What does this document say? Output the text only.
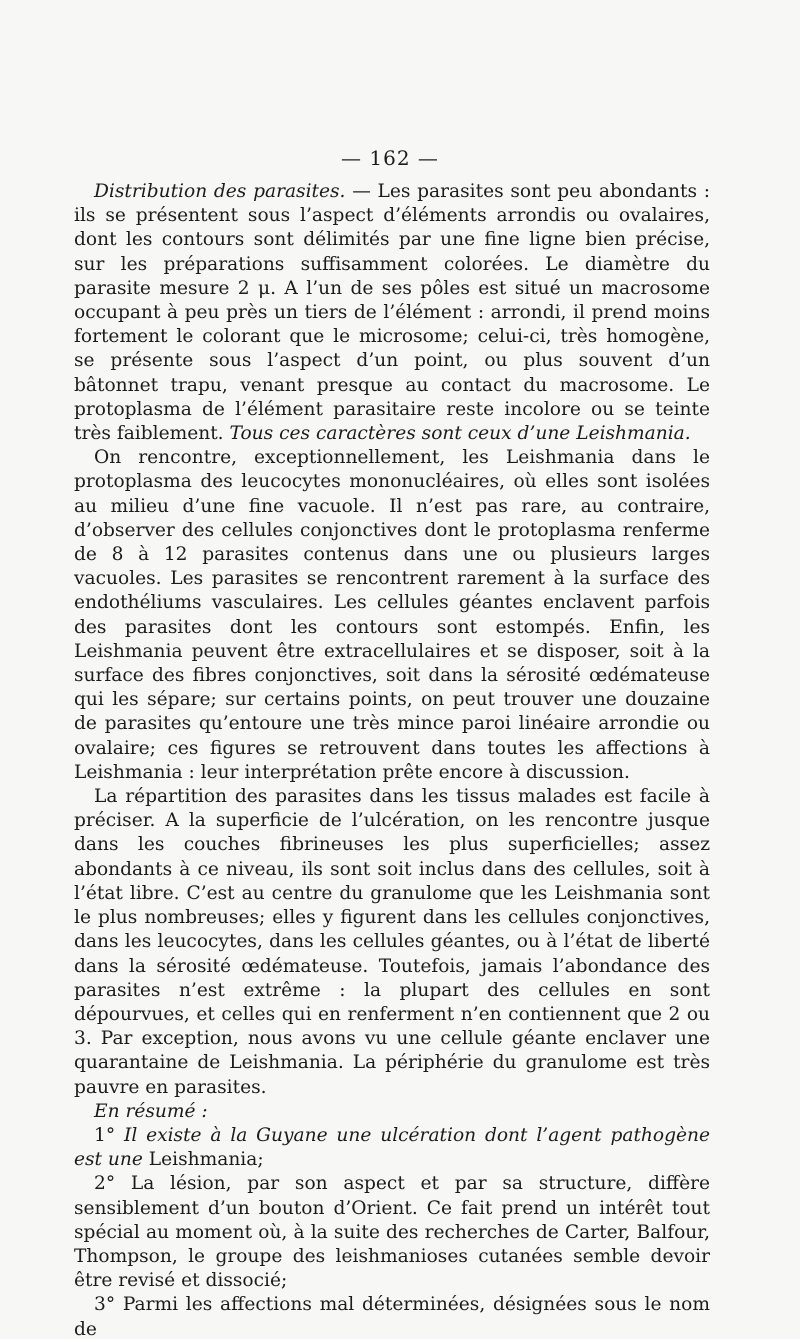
— 162 —

Distribution des parasites. — Les parasites sont peu abondants : ils se présentent sous l’aspect d’éléments arrondis ou ovalaires, dont les contours sont délimités par une fine ligne bien précise, sur les préparations suffisamment colorées. Le diamètre du parasite mesure 2 μ. A l’un de ses pôles est situé un macrosome occupant à peu près un tiers de l’élément : arrondi, il prend moins fortement le colorant que le microsome; celui-ci, très homogène, se présente sous l’aspect d’un point, ou plus souvent d’un bâtonnet trapu, venant presque au contact du macrosome. Le protoplasma de l’élément parasitaire reste incolore ou se teinte très faiblement. Tous ces caractères sont ceux d’une Leishmania.

On rencontre, exceptionnellement, les Leishmania dans le protoplasma des leucocytes mononucléaires, où elles sont isolées au milieu d’une fine vacuole. Il n’est pas rare, au contraire, d’observer des cellules conjonctives dont le protoplasma renferme de 8 à 12 parasites contenus dans une ou plusieurs larges vacuoles. Les parasites se rencontrent rarement à la surface des endothéliums vasculaires. Les cellules géantes enclavent parfois des parasites dont les contours sont estompés. Enfin, les Leishmania peuvent être extracellulaires et se disposer, soit à la surface des fibres conjonctives, soit dans la sérosité œdémateuse qui les sépare; sur certains points, on peut trouver une douzaine de parasites qu’entoure une très mince paroi linéaire arrondie ou ovalaire; ces figures se retrouvent dans toutes les affections à Leishmania : leur interprétation prête encore à discussion.

La répartition des parasites dans les tissus malades est facile à préciser. A la superficie de l’ulcération, on les rencontre jusque dans les couches fibrineuses les plus superficielles; assez abondants à ce niveau, ils sont soit inclus dans des cellules, soit à l’état libre. C’est au centre du granulome que les Leishmania sont le plus nombreuses; elles y figurent dans les cellules conjonctives, dans les leucocytes, dans les cellules géantes, ou à l’état de liberté dans la sérosité œdémateuse. Toutefois, jamais l’abondance des parasites n’est extrême : la plupart des cellules en sont dépourvues, et celles qui en renferment n’en contiennent que 2 ou 3. Par exception, nous avons vu une cellule géante enclaver une quarantaine de Leishmania. La périphérie du granulome est très pauvre en parasites.

En résumé :

1° Il existe à la Guyane une ulcération dont l’agent pathogène est une Leishmania;

2° La lésion, par son aspect et par sa structure, diffère sensiblement d’un bouton d’Orient. Ce fait prend un intérêt tout spécial au moment où, à la suite des recherches de Carter, Balfour, Thompson, le groupe des leishmanioses cutanées semble devoir être revisé et dissocié;

3° Parmi les affections mal déterminées, désignées sous le nom de
